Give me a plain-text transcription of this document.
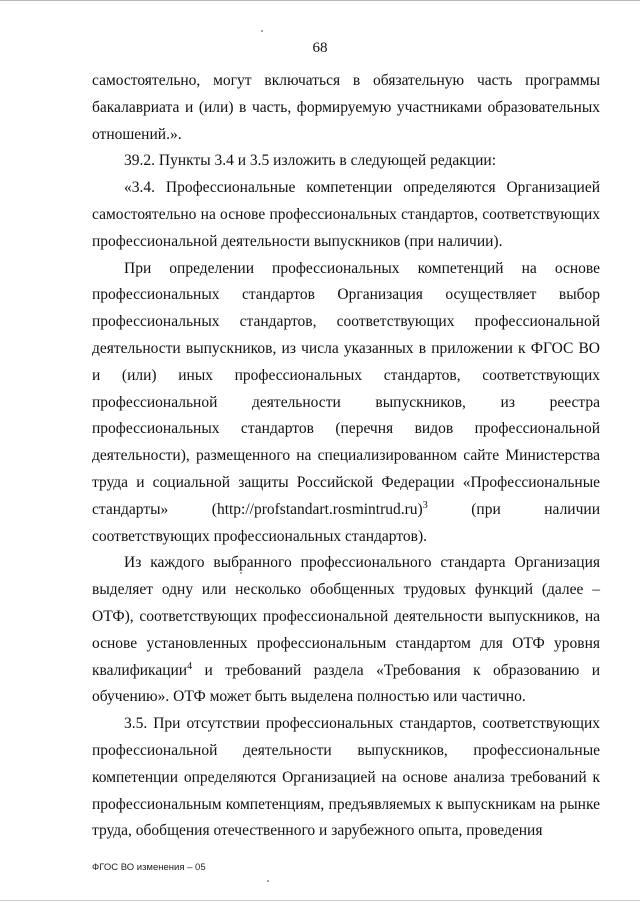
68

самостоятельно, могут включаться в обязательную часть программы бакалавриата и (или) в часть, формируемую участниками образовательных отношений.».

39.2. Пункты 3.4 и 3.5 изложить в следующей редакции:

«3.4. Профессиональные компетенции определяются Организацией самостоятельно на основе профессиональных стандартов, соответствующих профессиональной деятельности выпускников (при наличии).

При определении профессиональных компетенций на основе профессиональных стандартов Организация осуществляет выбор профессиональных стандартов, соответствующих профессиональной деятельности выпускников, из числа указанных в приложении к ФГОС ВО и (или) иных профессиональных стандартов, соответствующих профессиональной деятельности выпускников, из реестра профессиональных стандартов (перечня видов профессиональной деятельности), размещенного на специализированном сайте Министерства труда и социальной защиты Российской Федерации «Профессиональные стандарты» (http://profstandart.rosmintrud.ru)$^3$ (при наличии соответствующих профессиональных стандартов).

Из каждого выбранного профессионального стандарта Организация выделяет одну или несколько обобщенных трудовых функций (далее – ОТФ), соответствующих профессиональной деятельности выпускников, на основе установленных профессиональным стандартом для ОТФ уровня квалификации$^4$ и требований раздела «Требования к образованию и обучению». ОТФ может быть выделена полностью или частично.

3.5. При отсутствии профессиональных стандартов, соответствующих профессиональной деятельности выпускников, профессиональные компетенции определяются Организацией на основе анализа требований к профессиональным компетенциям, предъявляемых к выпускникам на рынке труда, обобщения отечественного и зарубежного опыта, проведения

ФГОС ВО изменения – 05
